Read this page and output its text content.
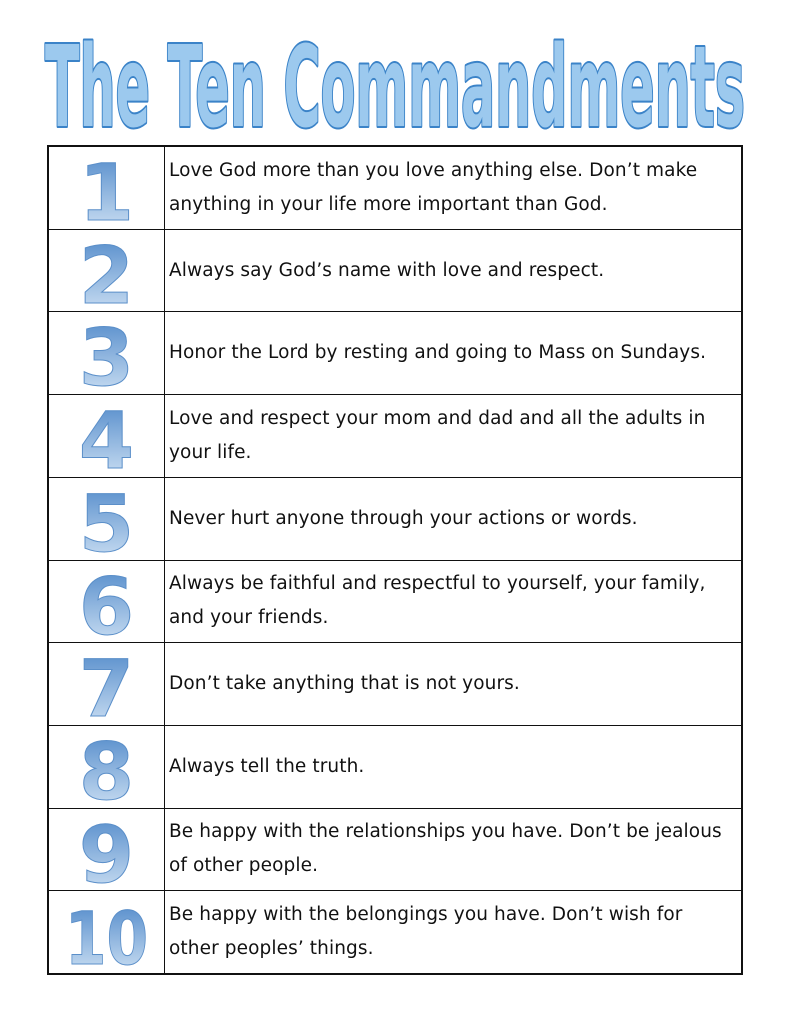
The Ten Commandments
1 Love God more than you love anything else. Don’t make anything in your life more important than God.

2 Always say God’s name with love and respect.

3 Honor the Lord by resting and going to Mass on Sundays.

4 Love and respect your mom and dad and all the adults in your life.

5 Never hurt anyone through your actions or words.

6 Always be faithful and respectful to yourself, your family, and your friends.

7 Don’t take anything that is not yours.

8 Always tell the truth.

9 Be happy with the relationships you have. Don’t be jealous of other people.

10 Be happy with the belongings you have. Don’t wish for other peoples’ things.
